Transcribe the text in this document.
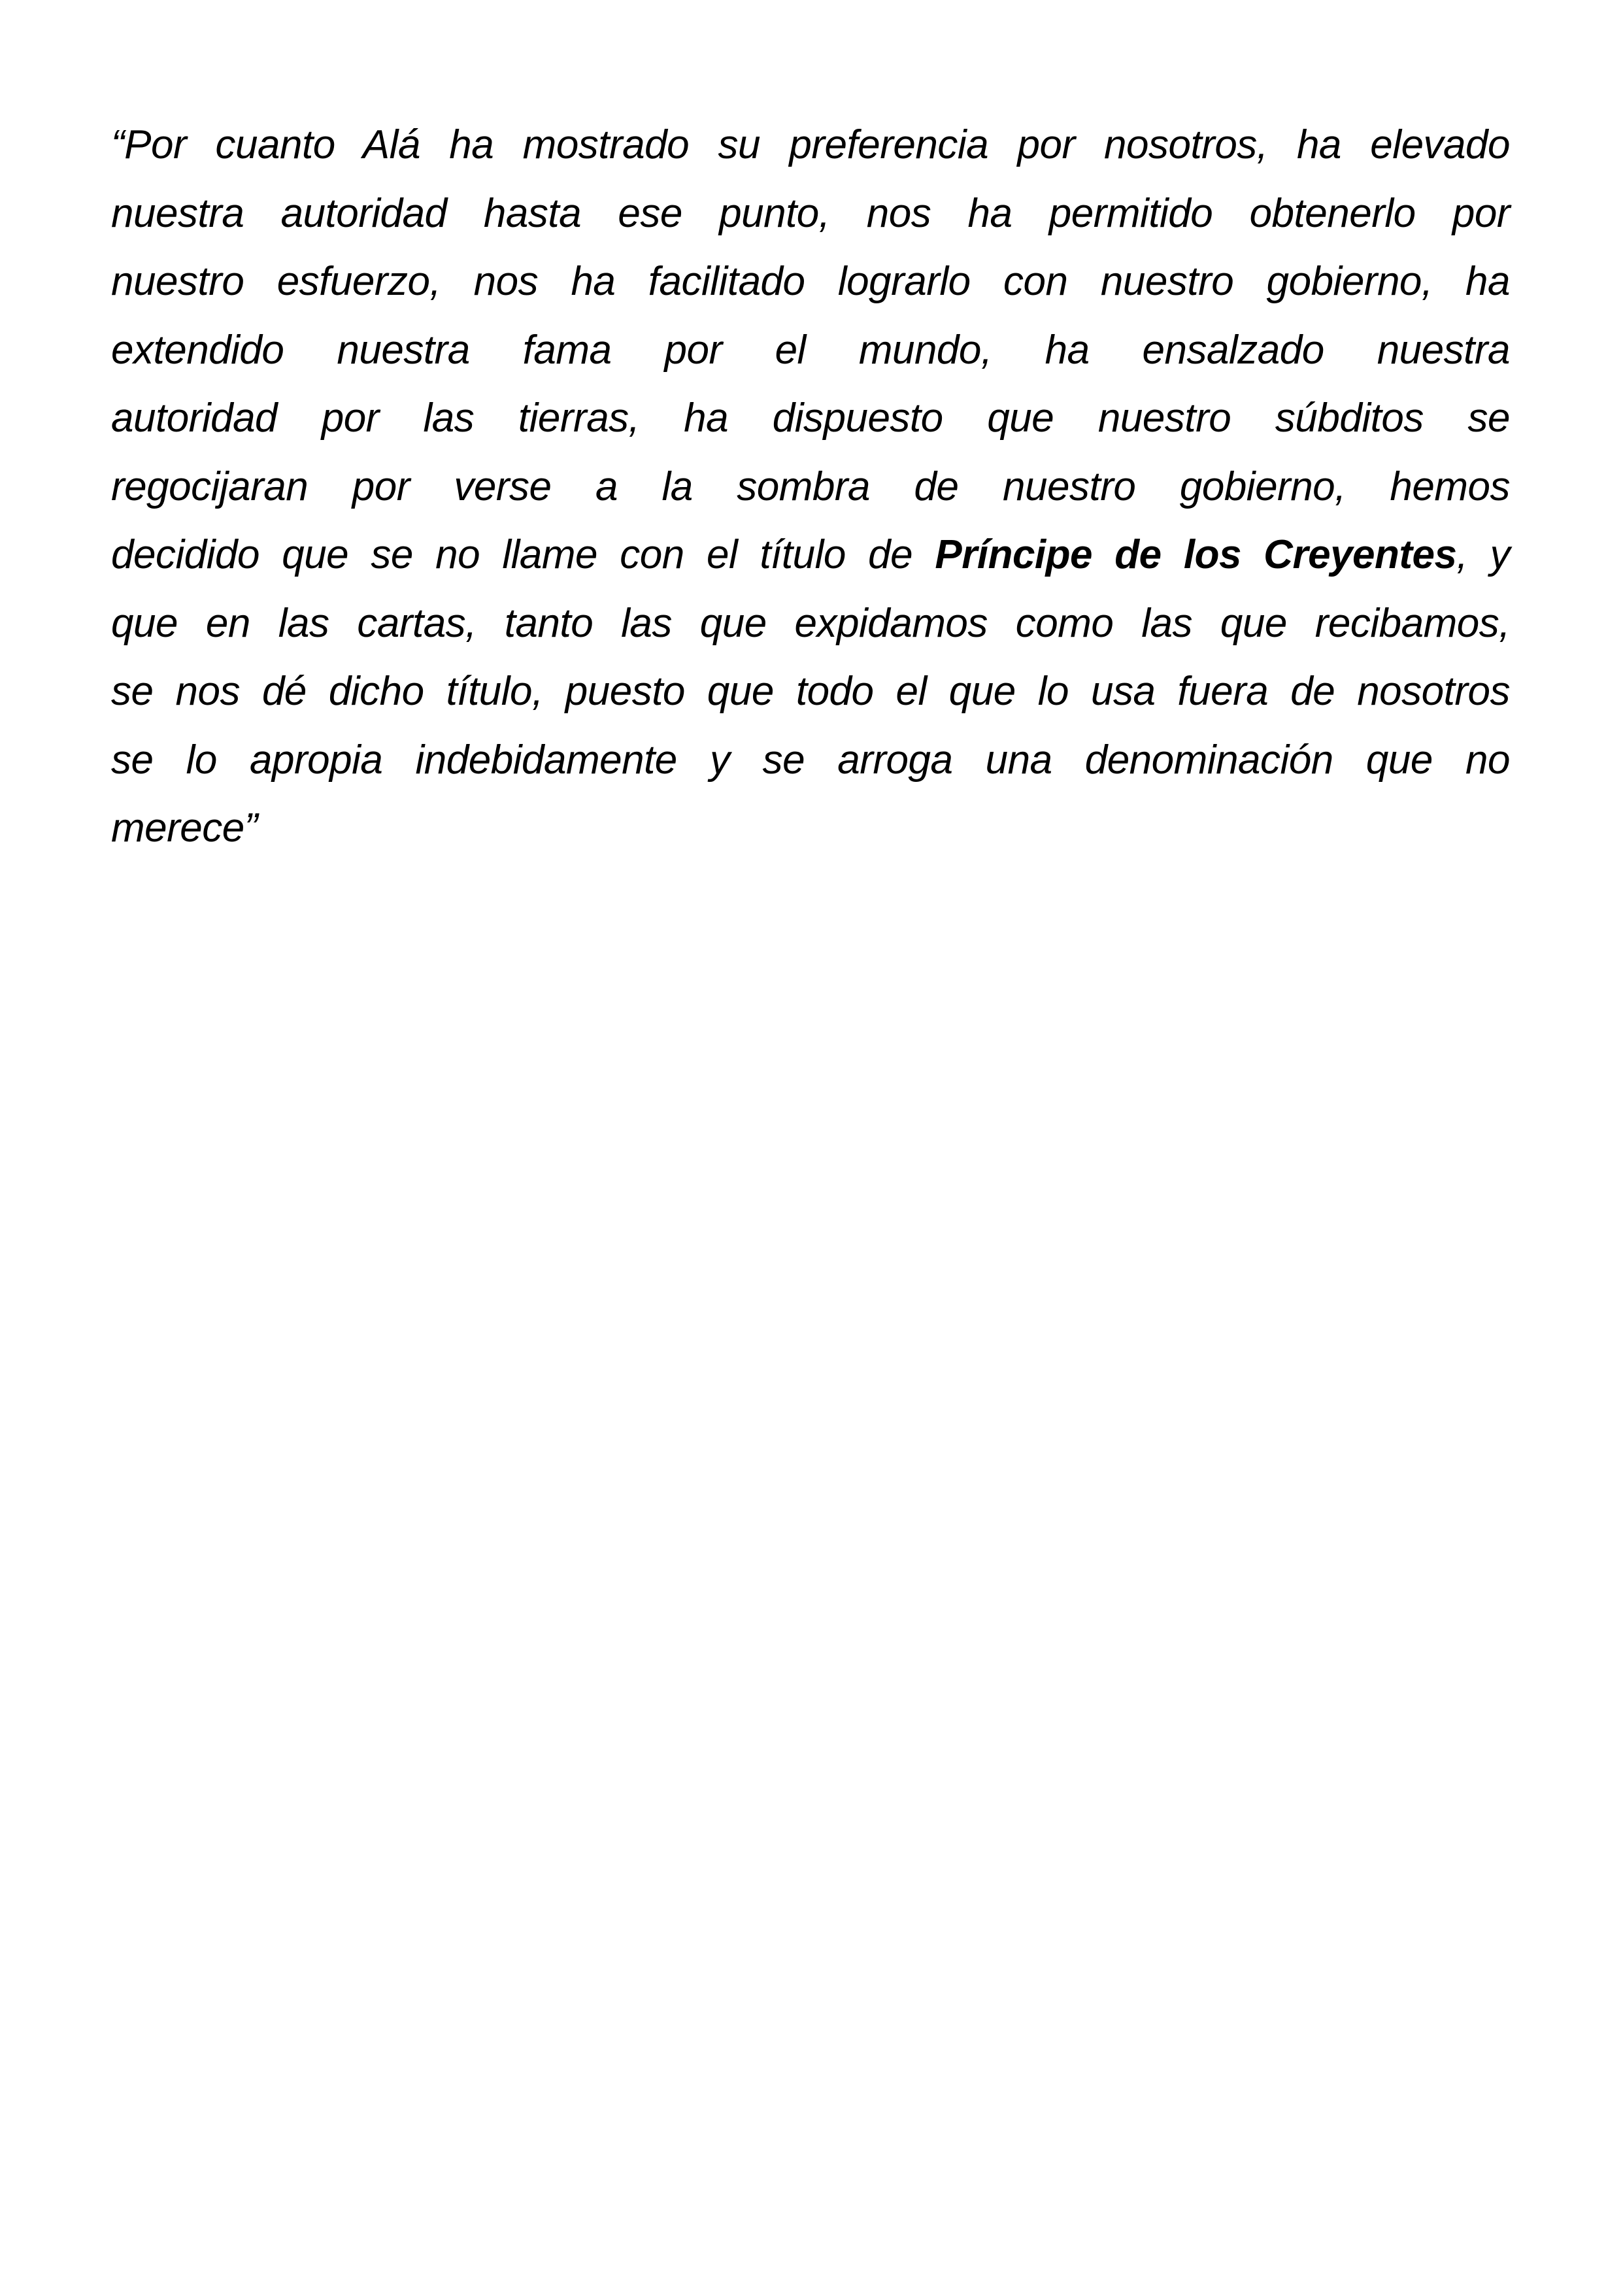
“Por cuanto Alá ha mostrado su preferencia por nosotros, ha elevado
nuestra autoridad hasta ese punto, nos ha permitido obtenerlo por
nuestro esfuerzo, nos ha facilitado lograrlo con nuestro gobierno, ha
extendido nuestra fama por el mundo, ha ensalzado nuestra
autoridad por las tierras, ha dispuesto que nuestro súbditos se
regocijaran por verse a la sombra de nuestro gobierno, hemos
decidido que se no llame con el título de Príncipe de los Creyentes, y
que en las cartas, tanto las que expidamos como las que recibamos,
se nos dé dicho título, puesto que todo el que lo usa fuera de nosotros
se lo apropia indebidamente y se arroga una denominación que no
merece”
